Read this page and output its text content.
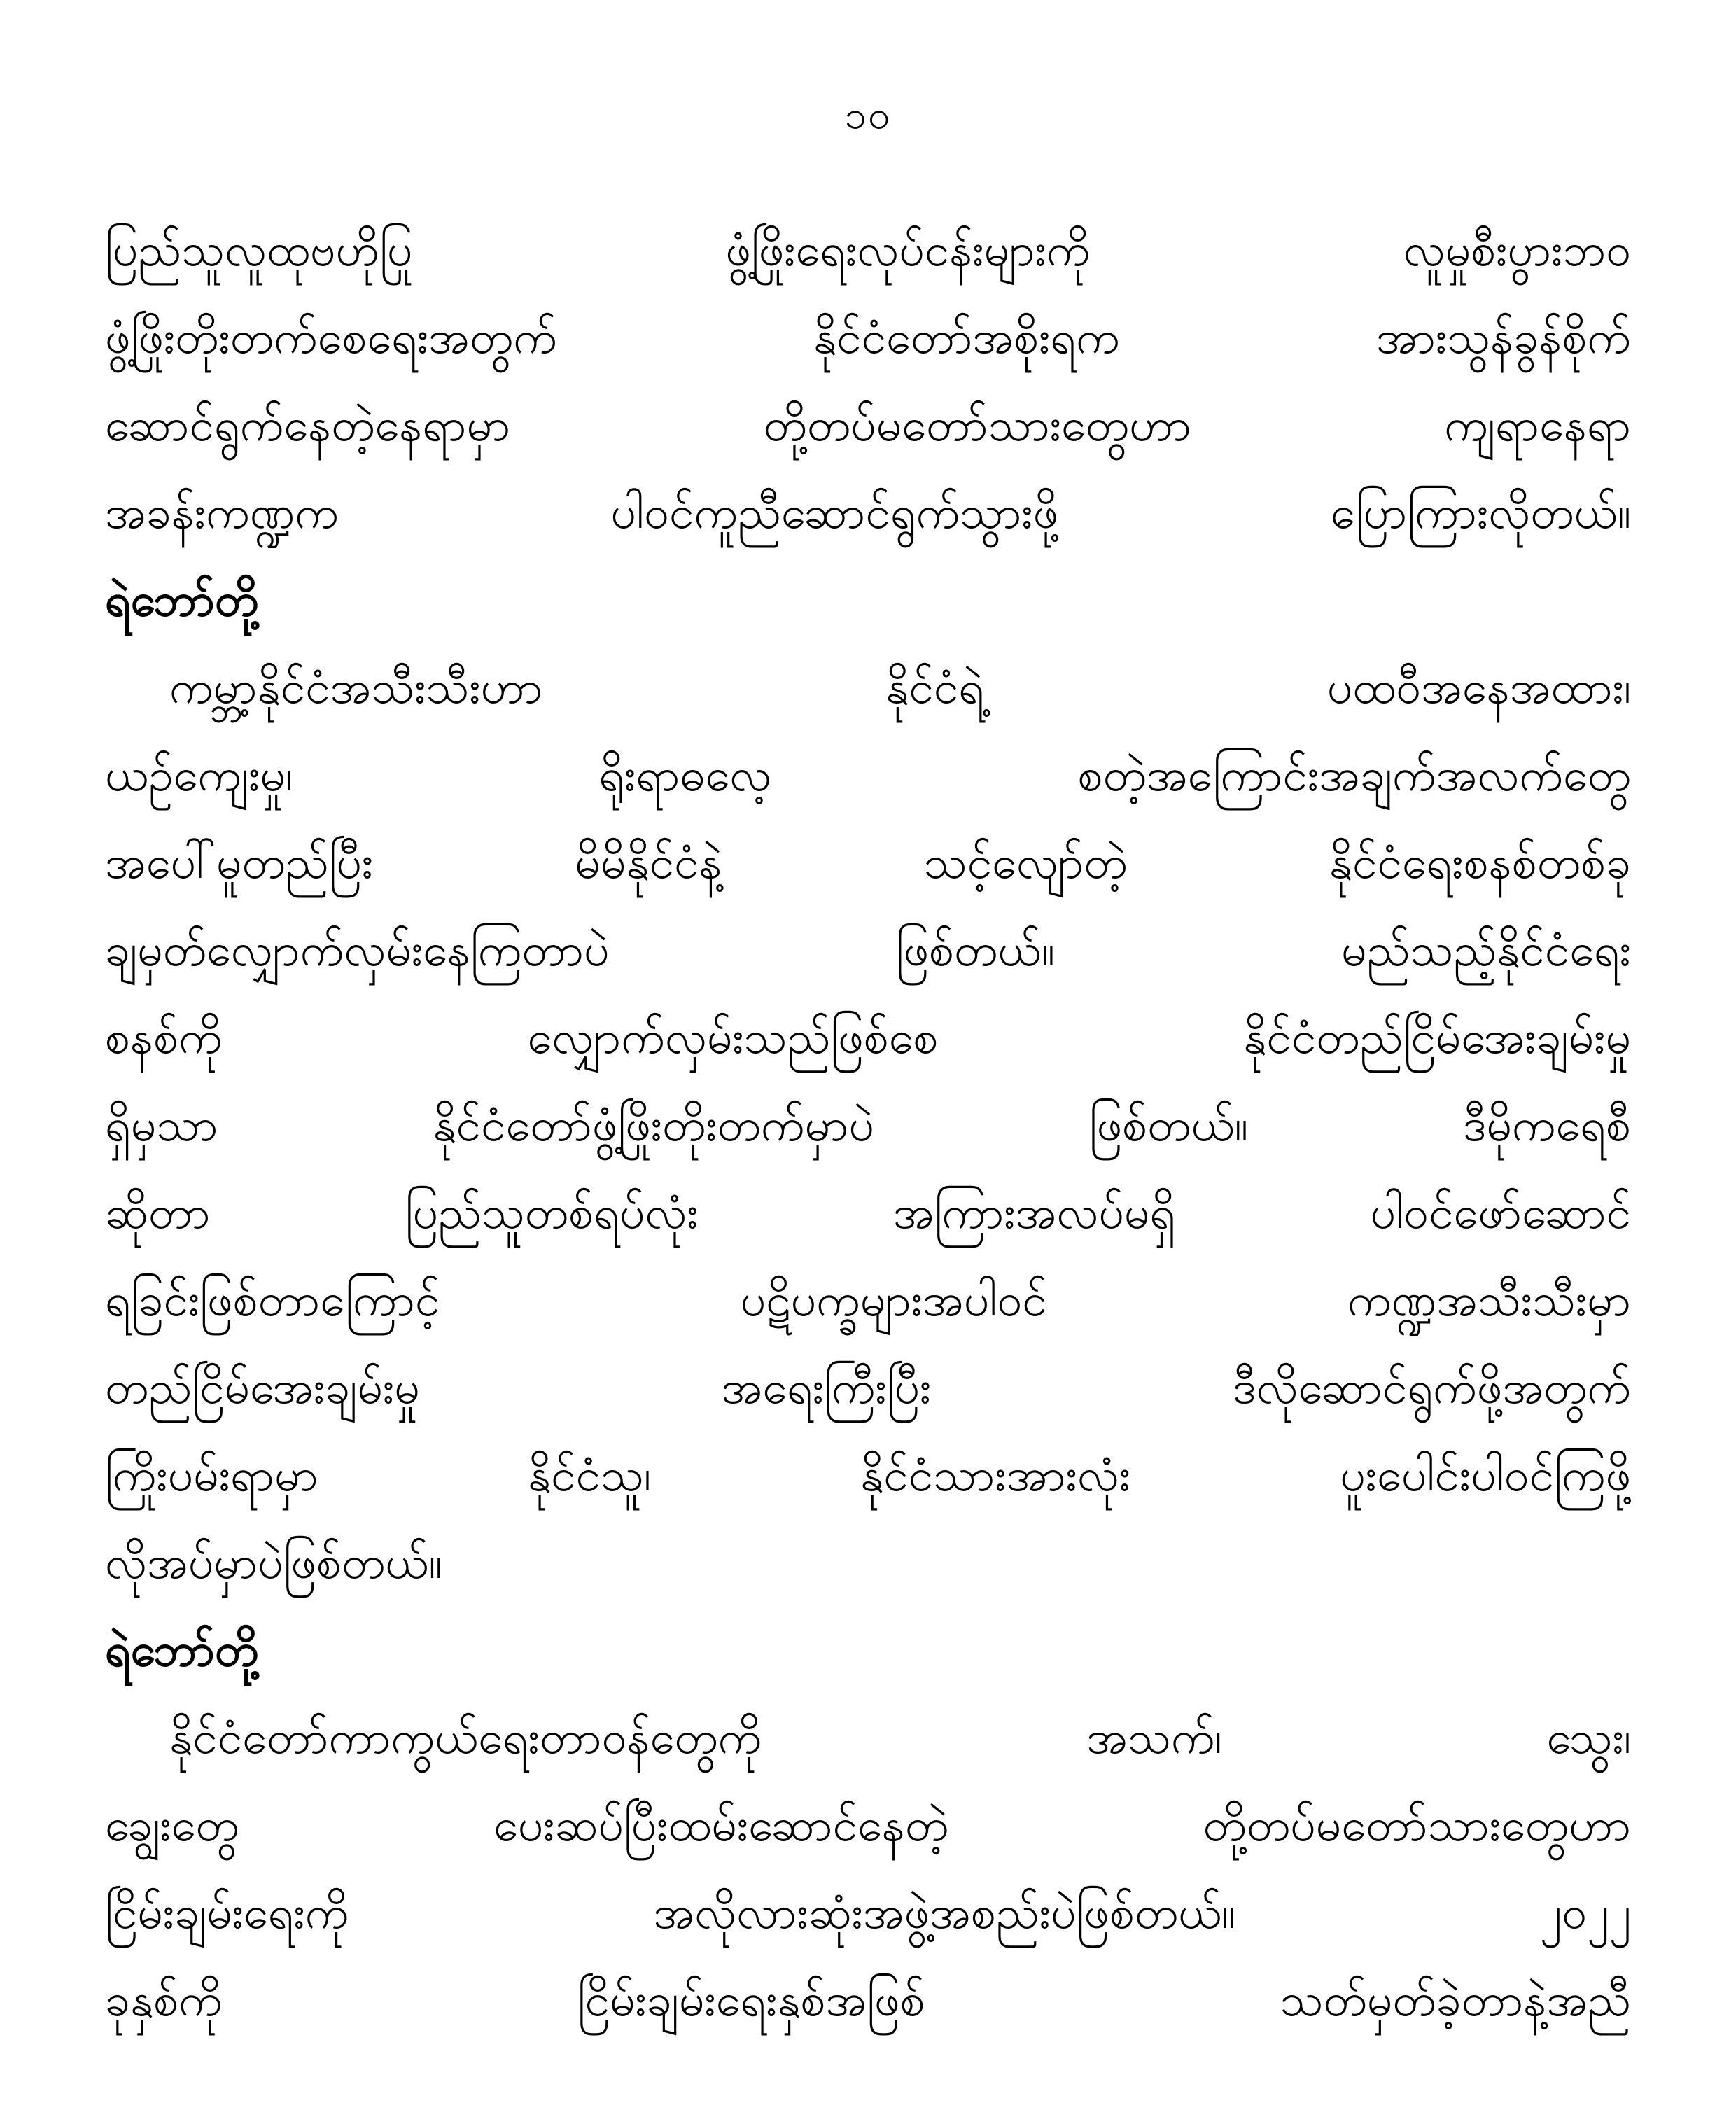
၁၀
ပြည်သူလူထုဗဟိုပြု ဖွံ့ဖြိုးရေးလုပ်ငန်းများကို လူမှုစီးပွားဘဝ
ဖွံ့ဖြိုးတိုးတက်စေရေးအတွက် နိုင်ငံတော်အစိုးရက အားသွန်ခွန်စိုက်
ဆောင်ရွက်နေတဲ့နေရာမှာ တို့တပ်မတော်သားတွေဟာ ကျရာနေရာ
အခန်းကဏ္ဍက ပါဝင်ကူညီဆောင်ရွက်သွားဖို့ ပြောကြားလိုတယ်။
ရဲဘော်တို့
ကမ္ဘာ့နိုင်ငံအသီးသီးဟာ နိုင်ငံရဲ့ ပထဝီအနေအထား၊
ယဉ်ကျေးမှု၊ ရိုးရာဓလေ့ စတဲ့အကြောင်းအချက်အလက်တွေ
အပေါ်မူတည်ပြီး မိမိနိုင်ငံနဲ့ သင့်လျော်တဲ့ နိုင်ငံရေးစနစ်တစ်ခု
ချမှတ်လျှောက်လှမ်းနေကြတာပဲ ဖြစ်တယ်။ မည်သည့်နိုင်ငံရေး
စနစ်ကို လျှောက်လှမ်းသည်ဖြစ်စေ နိုင်ငံတည်ငြိမ်အေးချမ်းမှု
ရှိမှသာ နိုင်ငံတော်ဖွံ့ဖြိုးတိုးတက်မှာပဲ ဖြစ်တယ်။ ဒီမိုကရေစီ
ဆိုတာ ပြည်သူတစ်ရပ်လုံး အကြားအလပ်မရှိ ပါဝင်ဖော်ဆောင်
ရခြင်းဖြစ်တာကြောင့် ပဋိပက္ခများအပါဝင် ကဏ္ဍအသီးသီးမှာ
တည်ငြိမ်အေးချမ်းမှု အရေးကြီးပြီး ဒီလိုဆောင်ရွက်ဖို့အတွက်
ကြိုးပမ်းရာမှာ နိုင်ငံသူ၊ နိုင်ငံသားအားလုံး ပူးပေါင်းပါဝင်ကြဖို့
လိုအပ်မှာပဲဖြစ်တယ်။
ရဲဘော်တို့
နိုင်ငံတော်ကာကွယ်ရေးတာဝန်တွေကို အသက်၊ သွေး၊
ချွေးတွေ ပေးဆပ်ပြီးထမ်းဆောင်နေတဲ့ တို့တပ်မတော်သားတွေဟာ
ငြိမ်းချမ်းရေးကို အလိုလားဆုံးအဖွဲ့အစည်းပဲဖြစ်တယ်။ ၂၀၂၂
ခုနှစ်ကို ငြိမ်းချမ်းရေးနှစ်အဖြစ် သတ်မှတ်ခဲ့တာနဲ့အညီ
